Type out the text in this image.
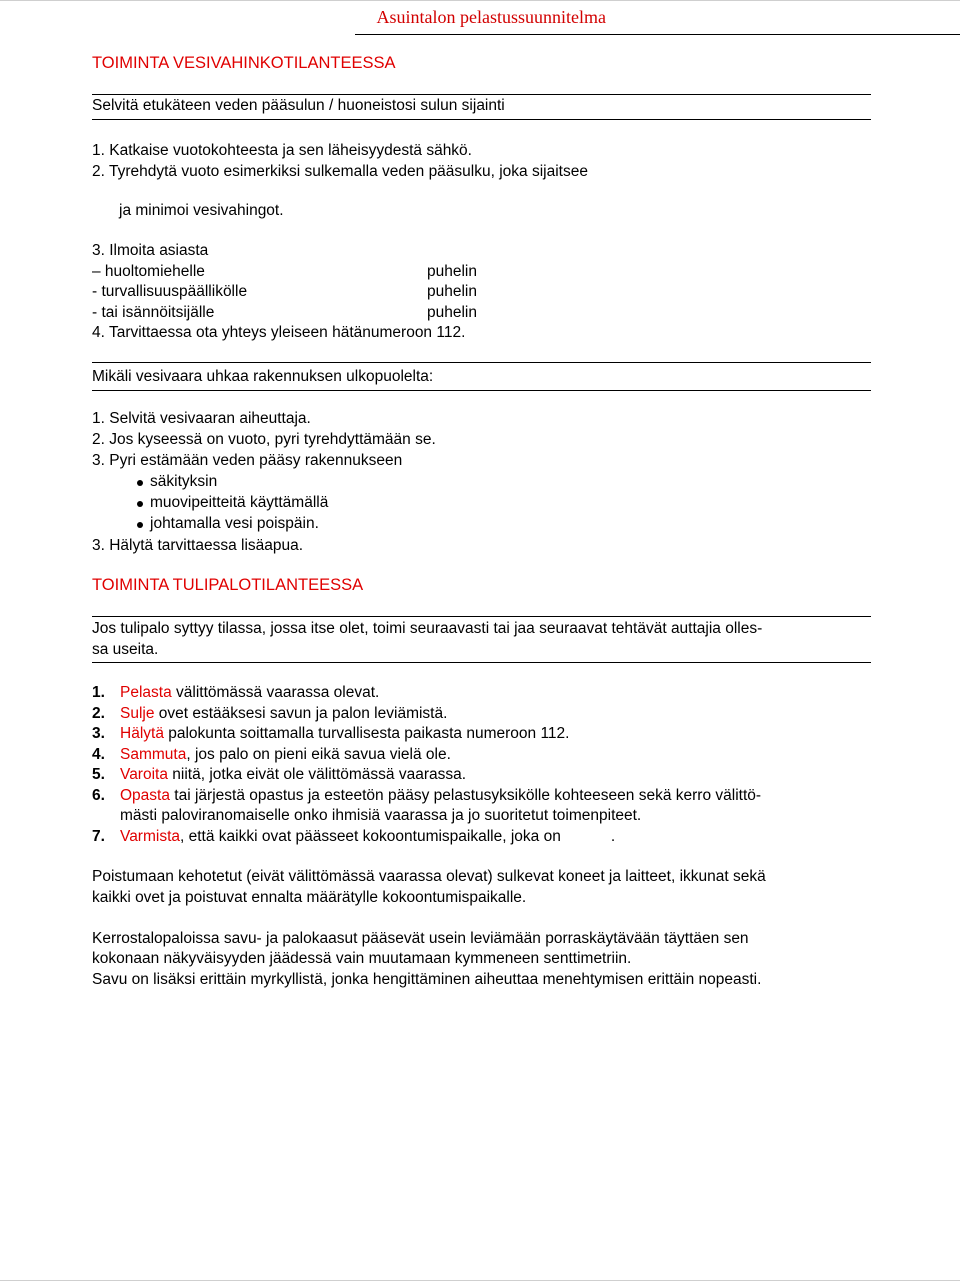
Asuintalon pelastussuunnitelma
TOIMINTA VESIVAHINKOTILANTEESSA
Selvitä etukäteen veden pääsulun / huoneistosi sulun sijainti
1. Katkaise vuotokohteesta ja sen läheisyydestä sähkö.
2. Tyrehdytä vuoto esimerkiksi sulkemalla veden pääsulku, joka sijaitsee
ja minimoi vesivahingot.
3. Ilmoita asiasta
– huoltomiehelle	puhelin
- turvallisuuspäällikölle	puhelin
- tai isännöitsijälle	puhelin
4. Tarvittaessa ota yhteys yleiseen hätänumeroon 112.
Mikäli vesivaara uhkaa rakennuksen ulkopuolelta:
1. Selvitä vesivaaran aiheuttaja.
2. Jos kyseessä on vuoto, pyri tyrehdyttämään se.
3. Pyri estämään veden pääsy rakennukseen
säkityksin
muovipeitteitä käyttämällä
johtamalla vesi poispäin.
3. Hälytä tarvittaessa lisäapua.
TOIMINTA TULIPALOTILANTEESSA
Jos tulipalo syttyy tilassa, jossa itse olet, toimi seuraavasti tai jaa seuraavat tehtävät auttajia olles-
sa useita.
1. Pelasta välittömässä vaarassa olevat.
2. Sulje ovet estääksesi savun ja palon leviämistä.
3. Hälytä palokunta soittamalla turvallisesta paikasta numeroon 112.
4. Sammuta, jos palo on pieni eikä savua vielä ole.
5. Varoita niitä, jotka eivät ole välittömässä vaarassa.
6. Opasta tai järjestä opastus ja esteetön pääsy pelastusyksikölle kohteeseen sekä kerro välittö-
mästi paloviranomaiselle onko ihmisiä vaarassa ja jo suoritetut toimenpiteet.
7. Varmista, että kaikki ovat päässeet kokoontumispaikalle, joka on	.
Poistumaan kehotetut (eivät välittömässä vaarassa olevat) sulkevat koneet ja laitteet, ikkunat sekä
kaikki ovet ja poistuvat ennalta määrätylle kokoontumispaikalle.
Kerrostalopaloissa savu- ja palokaasut pääsevät usein leviämään porraskäytävään täyttäen sen
kokonaan näkyväisyyden jäädessä vain muutamaan kymmeneen senttimetriin.
Savu on lisäksi erittäin myrkyllistä, jonka hengittäminen aiheuttaa menehtymisen erittäin nopeasti.
